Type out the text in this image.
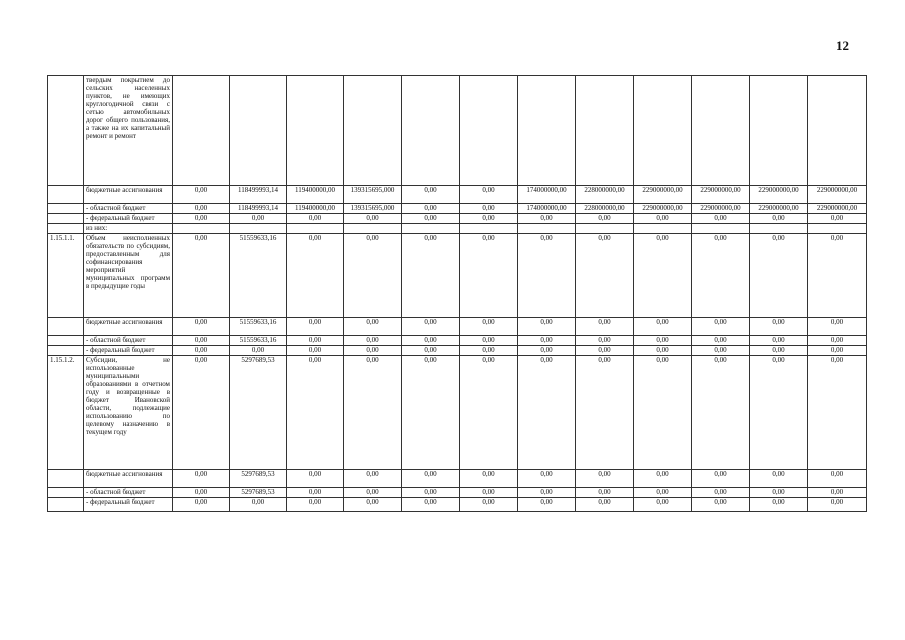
12
	твердым покрытием до сельских населенных пунктов, не имеющих круглогодичной связи с сетью автомобильных дорог общего пользования, а также на их капитальный ремонт и ремонт												
	бюджетные ассигнования	0,00	118499993,14	119400000,00	139315695,000	0,00	0,00	174000000,00	228000000,00	229000000,00	229000000,00	229000000,00	229000000,00
	- областной бюджет	0,00	118499993,14	119400000,00	139315695,000	0,00	0,00	174000000,00	228000000,00	229000000,00	229000000,00	229000000,00	229000000,00
	- федеральный бюджет	0,00	0,00	0,00	0,00	0,00	0,00	0,00	0,00	0,00	0,00	0,00	0,00
	из них:												
1.15.1.1.	Объем неисполненных обязательств по субсидиям, предоставленным для софинансирования мероприятий муниципальных программ в предыдущие годы	0,00	51559633,16	0,00	0,00	0,00	0,00	0,00	0,00	0,00	0,00	0,00	0,00
	бюджетные ассигнования	0,00	51559633,16	0,00	0,00	0,00	0,00	0,00	0,00	0,00	0,00	0,00	0,00
	- областной бюджет	0,00	51559633,16	0,00	0,00	0,00	0,00	0,00	0,00	0,00	0,00	0,00	0,00
	- федеральный бюджет	0,00	0,00	0,00	0,00	0,00	0,00	0,00	0,00	0,00	0,00	0,00	0,00
1.15.1.2.	Субсидии, не использованные муниципальными образованиями в отчетном году и возвращенные в бюджет Ивановской области, подлежащие использованию по целевому назначению в текущем году	0,00	5297689,53	0,00	0,00	0,00	0,00	0,00	0,00	0,00	0,00	0,00	0,00
	бюджетные ассигнования	0,00	5297689,53	0,00	0,00	0,00	0,00	0,00	0,00	0,00	0,00	0,00	0,00
	- областной бюджет	0,00	5297689,53	0,00	0,00	0,00	0,00	0,00	0,00	0,00	0,00	0,00	0,00
	- федеральный бюджет	0,00	0,00	0,00	0,00	0,00	0,00	0,00	0,00	0,00	0,00	0,00	0,00
